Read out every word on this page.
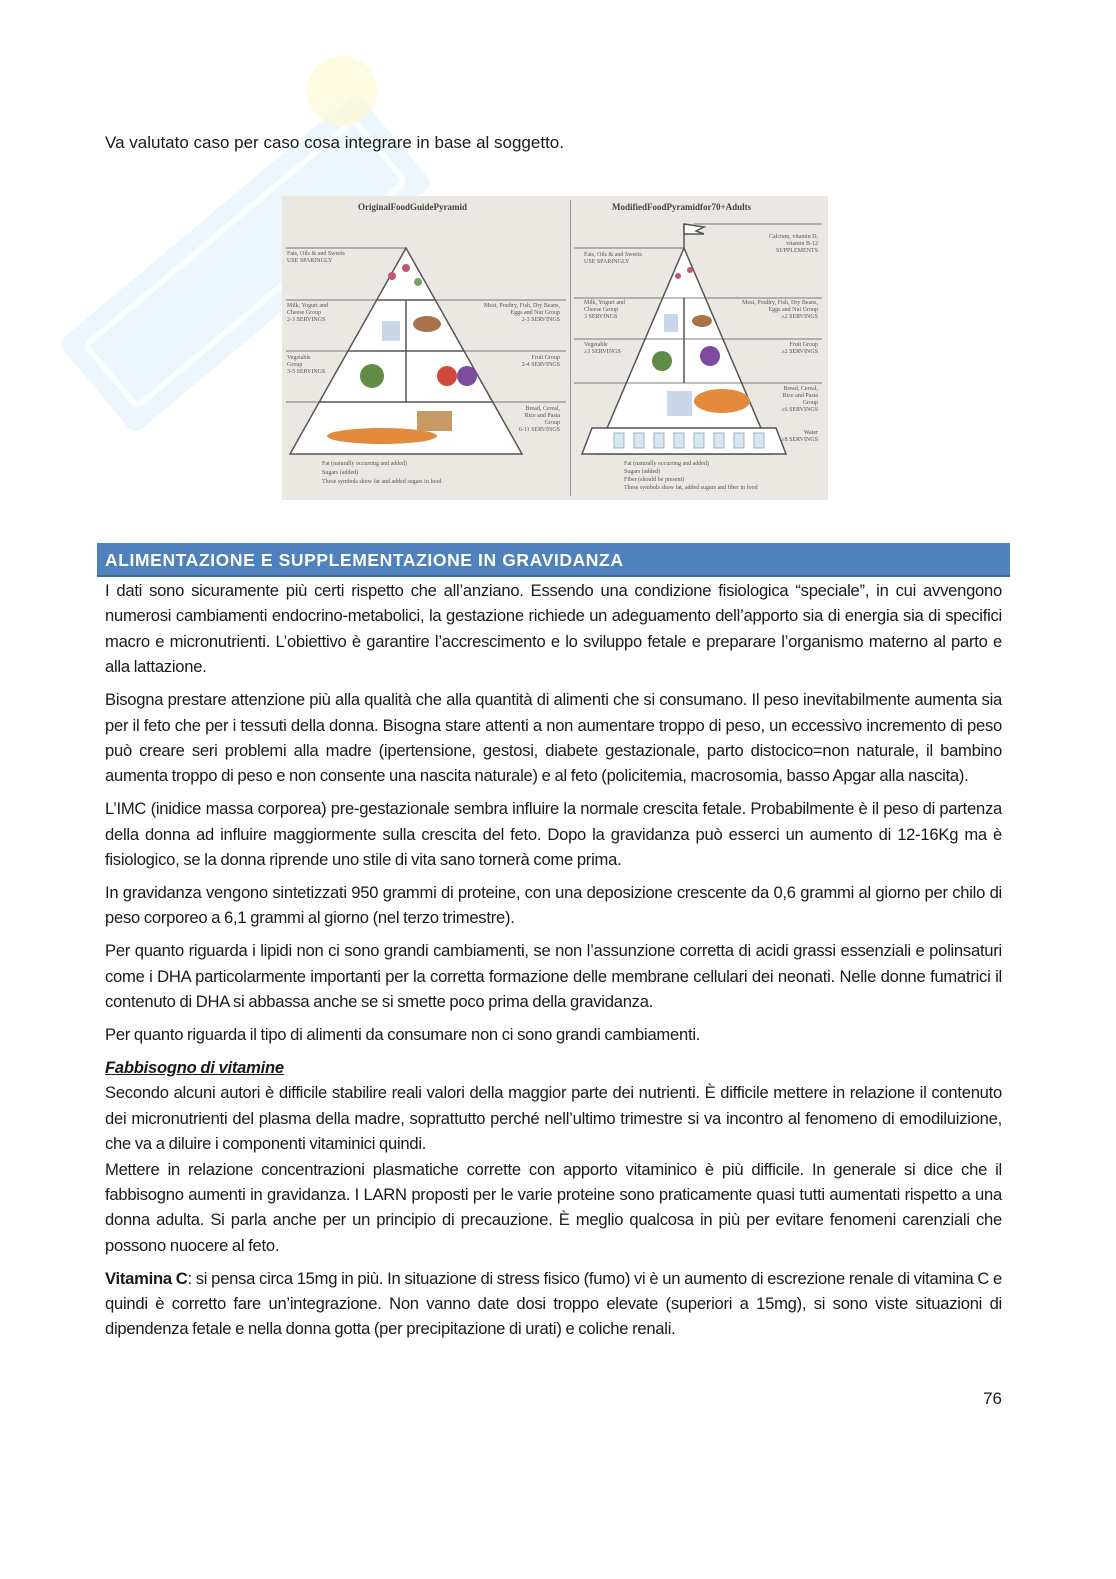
Va valutato caso per caso cosa integrare in base al soggetto.
OriginalFoodGuidePyramid
Fats, Oils & and Sweets
USE SPARINGLY
Milk, Yogurt and
Cheese Group
2-3 SERVINGS
Meat, Poultry, Fish, Dry Beans,
Eggs and Nut Group
2-3 SERVINGS
Vegetable
Group
3-5 SERVINGS
Fruit Group
2-4 SERVINGS
Bread, Cereal,
Rice and Pasta
Group
6-11 SERVINGS
Fat (naturally occurring and added)
Sugars (added)
These symbols show fat and added sugars in food
ModifiedFoodPyramidfor70+Adults
Calcium, vitamin D,
vitamin B-12
SUPPLEMENTS
Fats, Oils & and Sweets
USE SPARINGLY
Milk, Yogurt and
Cheese Group
3 SERVINGS
Meat, Poultry, Fish, Dry Beans,
Eggs and Nut Group
≥2 SERVINGS
Vegetable
≥3 SERVINGS
Fruit Group
≥2 SERVINGS
Bread, Cereal,
Rice and Pasta
Group
≥6 SERVINGS
Water
≥8 SERVINGS
Fat (naturally occurring and added)
Sugars (added)
Fiber (should be present)
These symbols show fat, added sugars and fiber in food
ALIMENTAZIONE E SUPPLEMENTAZIONE IN GRAVIDANZA

I dati sono sicuramente più certi rispetto che all’anziano. Essendo una condizione fisiologica “speciale”, in cui avvengono numerosi cambiamenti endocrino-metabolici, la gestazione richiede un adeguamento dell’apporto sia di energia sia di specifici macro e micronutrienti. L’obiettivo è garantire l’accrescimento e lo sviluppo fetale e preparare l’organismo materno al parto e alla lattazione.

Bisogna prestare attenzione più alla qualità che alla quantità di alimenti che si consumano. Il peso inevitabilmente aumenta sia per il feto che per i tessuti della donna. Bisogna stare attenti a non aumentare troppo di peso, un eccessivo incremento di peso può creare seri problemi alla madre (ipertensione, gestosi, diabete gestazionale, parto distocico=non naturale, il bambino aumenta troppo di peso e non consente una nascita naturale) e al feto (policitemia, macrosomia, basso Apgar alla nascita).

L’IMC (inidice massa corporea) pre-gestazionale sembra influire la normale crescita fetale. Probabilmente è il peso di partenza della donna ad influire maggiormente sulla crescita del feto. Dopo la gravidanza può esserci un aumento di 12-16Kg ma è fisiologico, se la donna riprende uno stile di vita sano tornerà come prima.

In gravidanza vengono sintetizzati 950 grammi di proteine, con una deposizione crescente da 0,6 grammi al giorno per chilo di peso corporeo a 6,1 grammi al giorno (nel terzo trimestre).

Per quanto riguarda i lipidi non ci sono grandi cambiamenti, se non l’assunzione corretta di acidi grassi essenziali e polinsaturi come i DHA particolarmente importanti per la corretta formazione delle membrane cellulari dei neonati. Nelle donne fumatrici il contenuto di DHA si abbassa anche se si smette poco prima della gravidanza.

Per quanto riguarda il tipo di alimenti da consumare non ci sono grandi cambiamenti.

Fabbisogno di vitamine

Secondo alcuni autori è difficile stabilire reali valori della maggior parte dei nutrienti. È difficile mettere in relazione il contenuto dei micronutrienti del plasma della madre, soprattutto perché nell’ultimo trimestre si va incontro al fenomeno di emodiluizione, che va a diluire i componenti vitaminici quindi.

Mettere in relazione concentrazioni plasmatiche corrette con apporto vitaminico è più difficile. In generale si dice che il fabbisogno aumenti in gravidanza. I LARN proposti per le varie proteine sono praticamente quasi tutti aumentati rispetto a una donna adulta. Si parla anche per un principio di precauzione. È meglio qualcosa in più per evitare fenomeni carenziali che possono nuocere al feto.

Vitamina C: si pensa circa 15mg in più. In situazione di stress fisico (fumo) vi è un aumento di escrezione renale di vitamina C e quindi è corretto fare un’integrazione. Non vanno date dosi troppo elevate (superiori a 15mg), si sono viste situazioni di dipendenza fetale e nella donna gotta (per precipitazione di urati) e coliche renali.

76
